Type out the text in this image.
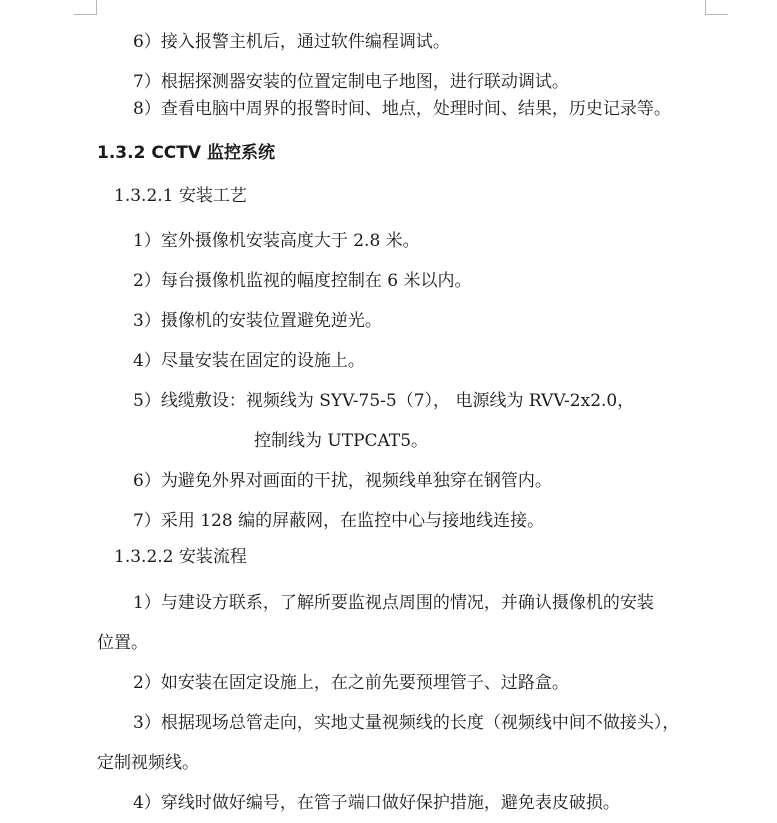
6）接入报警主机后，通过软件编程调试。
7）根据探测器安装的位置定制电子地图，进行联动调试。
8）查看电脑中周界的报警时间、地点，处理时间、结果，历史记录等。
1.3.2 CCTV 监控系统
1.3.2.1 安装工艺
1）室外摄像机安装高度大于 2.8 米。
2）每台摄像机监视的幅度控制在 6 米以内。
3）摄像机的安装位置避免逆光。
4）尽量安装在固定的设施上。
5）线缆敷设：视频线为 SYV-75-5（7）， 电源线为 RVV-2x2.0，
控制线为 UTPCAT5。
6）为避免外界对画面的干扰，视频线单独穿在钢管内。
7）采用 128 编的屏蔽网，在监控中心与接地线连接。
1.3.2.2 安装流程
1）与建设方联系，了解所要监视点周围的情况，并确认摄像机的安装
位置。
2）如安装在固定设施上，在之前先要预埋管子、过路盒。
3）根据现场总管走向，实地丈量视频线的长度（视频线中间不做接头），
定制视频线。
4）穿线时做好编号，在管子端口做好保护措施，避免表皮破损。
